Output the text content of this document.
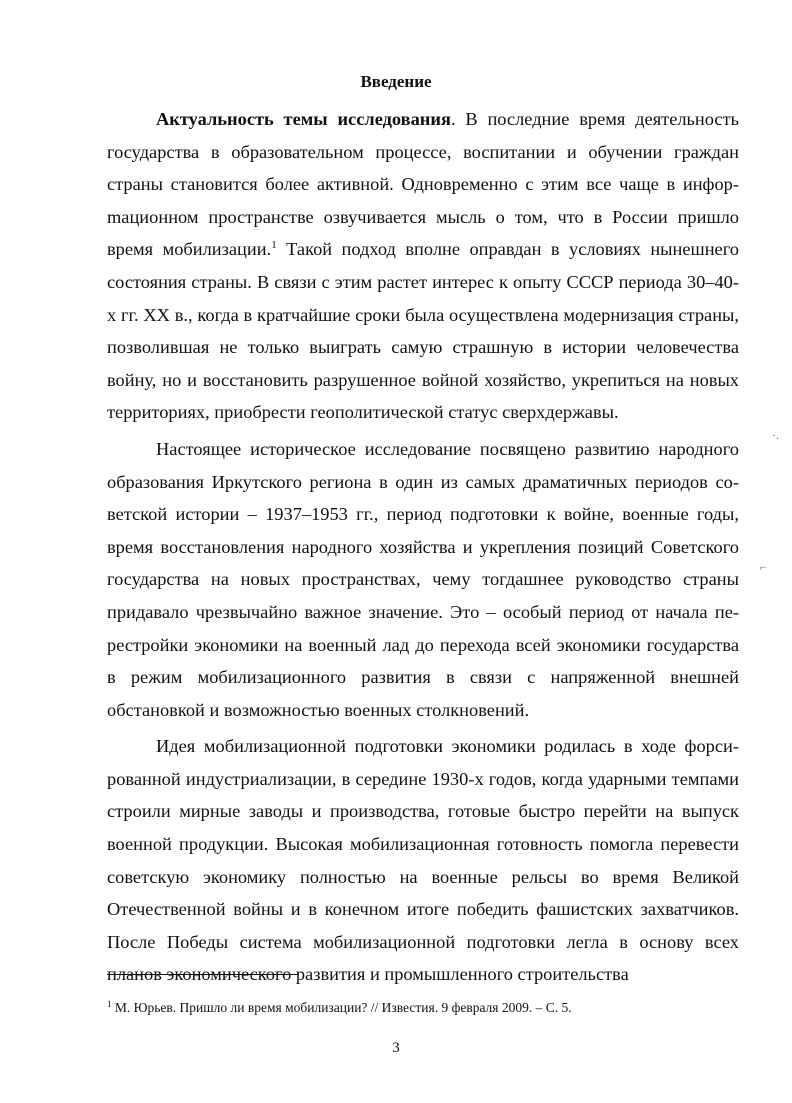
Введение

Актуальность темы исследования. В последние время деятельность государства в образовательном процессе, воспитании и обучении граждан страны становится более активной. Одновременно с этим все чаще в инфорmационном пространстве озвучивается мысль о том, что в России пришло время мобилизации.$^1$ Такой подход вполне оправдан в условиях нынешнего состояния страны. В связи с этим растет интерес к опыту СССР периода 30–40-х гг. XX в., когда в кратчайшие сроки была осуществлена модернизация страны, позволившая не только выиграть самую страшную в истории человечества войну, но и восстановить разрушенное войной хозяйство, укрепиться на новых территориях, приобрести геополитической статус сверхдержавы.

Настоящее историческое исследование посвящено развитию народного образования Иркутского региона в один из самых драматичных периодов советской истории – 1937–1953 гг., период подготовки к войне, военные годы, время восстановления народного хозяйства и укрепления позиций Советского государства на новых пространствах, чему тогдашнее руководство страны придавало чрезвычайно важное значение. Это – особый период от начала перестройки экономики на военный лад до перехода всей экономики государства в режим мобилизационного развития в связи с напряженной внешней обстановкой и возможностью военных столкновений.

Идея мобилизационной подготовки экономики родилась в ходе форсированной индустриализации, в середине 1930-х годов, когда ударными темпами строили мирные заводы и производства, готовые быстро перейти на выпуск военной продукции. Высокая мобилизационная готовность помогла перевести советскую экономику полностью на военные рельсы во время Великой Отечественной войны и в конечном итоге победить фашистских захватчиков. После Победы система мобилизационной подготовки легла в основу всех планов экономического развития и промышленного строительства

$^1$ М. Юрьев. Пришло ли время мобилизации? // Известия. 9 февраля 2009. – С. 5.
3
·.
⌐
